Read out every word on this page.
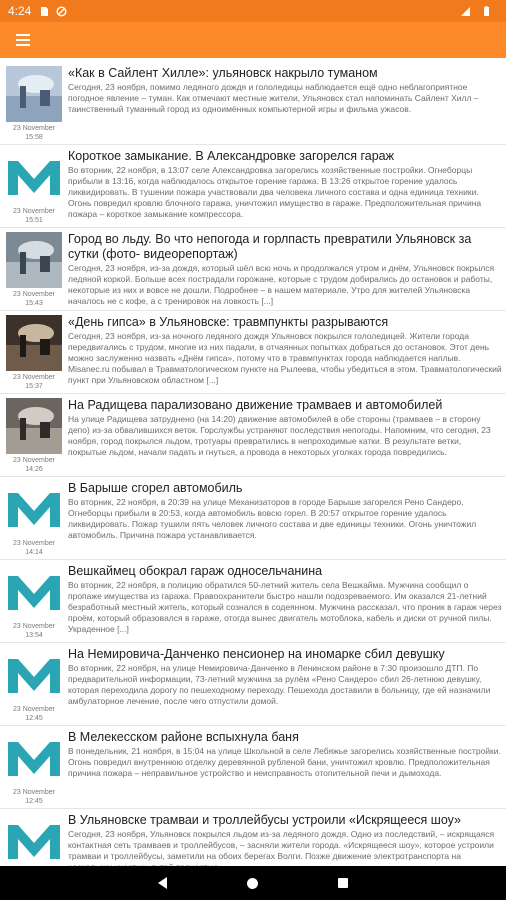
4:24
23 November
15:58
«Как в Сайлент Хилле»: ульяновск накрыло туманом
Сегодня, 23 ноября, помимо ледяного дождя и гололедицы наблюдается ещё одно неблагоприятное погодное явление – туман. Как отмечают местные жители, Ульяновск стал напоминать Сайлент Хилл – таинственный туманный город из одноимённых компьютерной игры и фильма ужасов.
23 November
15:51
Короткое замыкание. В Александровке загорелся гараж
Во вторник, 22 ноября, в 13:07 селе Александровка загорелись хозяйственные постройки. Огнеборцы прибыли в 13:16, когда наблюдалось открытое горение гаража. В 13:26 открытое горение удалось ликвидировать. В тушении пожара участвовали два человека личного состава и одна единица техники. Огонь повредил кровлю блочного гаража, уничтожил имущество в гараже. Предположительная причина пожара – короткое замыкание компрессора.
23 November
15:43
Город во льду. Во что непогода и горлпасть превратили Ульяновск за сутки (фото- видеорепортаж)
Сегодня, 23 ноября, из-за дождя, который шёл всю ночь и продолжался утром и днём, Ульяновск покрылся ледяной коркой. Больше всех пострадали горожане, которые с трудом добирались до остановок и работы, некоторые из них и вовсе не дошли. Подробнее – в нашем материале. Утро для жителей Ульяновска началось не с кофе, а с тренировок на ловкость [...]
23 November
15:37
«День гипса» в Ульяновске: травмпункты разрываются
Сегодня, 23 ноября, из-за ночного ледяного дождя Ульяновск покрылся гололедицей. Жители города передвигались с трудом, многие из них падали, в отчаянных попытках добраться до остановок. Этот день можно заслуженно назвать «Днём гипса», потому что в травмпунктах города наблюдается наплыв. Misanec.ru побывал в Травматологическом пункте на Рылеева, чтобы убедиться в этом. Травматологический пункт при Ульяновском областном [...]
23 November
14:26
На Радищева парализовано движение трамваев и автомобилей
На улице Радищева затруднено (на 14:20) движение автомобилей в обе стороны (трамваев – в сторону депо) из-за обвалившихся веток. Горслужбы устраняют последствия непогоды. Напомним, что сегодня, 23 ноября, город покрылся льдом, тротуары превратились в непроходимые катки. В результате ветки, покрытые льдом, начали падать и гнуться, а провода в некоторых уголках города повредились.
23 November
14:14
В Барыше сгорел автомобиль
Во вторник, 22 ноября, в 20:39 на улице Механизаторов в городе Барыше загорелся Рено Сандеро. Огнеборцы прибыли в 20:53, когда автомобиль вовсю горел. В 20:57 открытое горение удалось ликвидировать. Пожар тушили пять человек личного состава и две единицы техники. Огонь уничтожил автомобиль. Причина пожара устанавливается.
23 November
13:54
Вешкаймец обокрал гараж односельчанина
Во вторник, 22 ноября, в полицию обратился 50-летний житель села Вешкайма. Мужчина сообщил о пропаже имущества из гаража. Правоохранители быстро нашли подозреваемого. Им оказался 21-летний безработный местный житель, который сознался в содеянном. Мужчина рассказал, что проник в гараж через проём, который образовался в гараже, отогда вынес двигатель мотоблока, кабель и диски от ручной пилы. Украденное [...]
23 November
12:45
На Немировича-Данченко пенсионер на иномарке сбил девушку
Во вторник, 22 ноября, на улице Немировича-Данченко в Ленинском районе в 7:30 произошло ДТП. По предварительной информации, 73-летний мужчина за рулём «Рено Сандеро» сбил 26-летнюю девушку, которая переходила дорогу по пешеходному переходу. Пешехода доставили в больницу, где ей назначили амбулаторное лечение, после чего отпустили домой.
23 November
12:45
В Мелекесском районе вспыхнула баня
В понедельник, 21 ноября, в 15:04 на улице Школьной в селе Лебяжье загорелись хозяйственные постройки. Огонь повредил внутреннюю отделку деревянной рубленой бани, уничтожил кровлю. Предположительная причина пожара – неправильное устройство и неисправность отопительной печи и дымохода.
В Ульяновске трамваи и троллейбусы устроили «Искрящееся шоу»
Сегодня, 23 ноября, Ульяновск покрылся льдом из-за ледяного дождя. Одно из последствий, – искрящаяся контактная сеть трамваев и троллейбусов, – засняли жители города. «Искрящееся шоу», которое устроили трамваи и троллейбусы, заметили на обоих берегах Волги. Позже движение электротранспорта на
